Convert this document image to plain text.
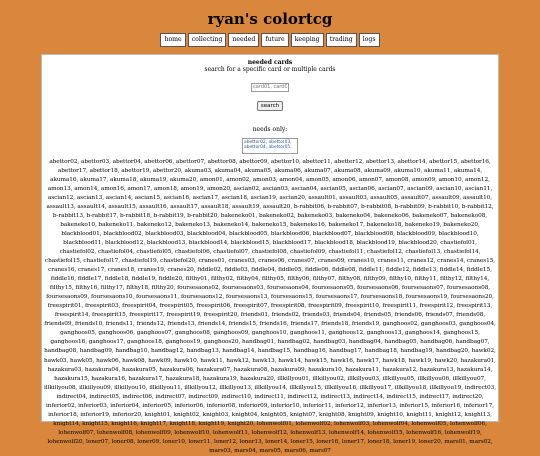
ryan's colortcg
home	collecting	needed	future	keeping	trading	logs
needed cards
search for a specific card or multiple cards
card01, card02
search
needs only:
abettor02, abettor03, abettor04, abettor05,
abettor02, abettor03, abettor04, abettor06, abettor07, abettor08, abettor09, abettor10, abettor11, abetter12, abettor13, abettor14, abettor15, abettor16, abettor17, abettor18, abettor19, abettor20, akuma03, akuma04, akuma05, akuma06, akuma07, akuma08, akuma09, akuma10, akuma11, akuma14, akuma16, akuma17, akuma18, akuma19, akuma20, amon01, amon02, amon03, amon04, amon05, amon06, amon07, amon08, amon09, amon10, amon12, amon13, amon14, amon16, amon17, amon18, amon19, amon20, ascian02, ascian03, ascian04, ascian05, ascian06, ascian07, ascian09, ascian10, ascian11, ascian12, ascian13, ascian14, ascian15, ascian16, ascian17, ascian18, ascian19, ascian20, assault01, assault03, assault05, assault07, assault09, assault10, assault13, assault14, assault15, assault16, assault17, assault18, assault19, assault20, b-rabbit06, b-rabbit07, b-rabbit08, b-rabbit09, b-rabbit10, b-rabbit12, b-rabbit13, b-rabbit17, b-rabbit18, b-rabbit19, b-rabbit20, bakeneko01, bakeneko02, bakeneko03, bakeneko04, bakeneko06, bakeneko07, bakeneko08, bakeneko10, bakeneko11, bakeneko12, bakeneko13, bakeneko14, bakeneko15, bakeneko16, bakeneko17, bakeneko18, bakeneko19, bakeneko20, blackblood01, blackblood02, blackblood03, blackblood04, blackblood05, blackblood06, blackblood07, blackblood08, blackblood09, blackblood10, blackblood11, blackblood12, blackblood13, blackblood14, blackblood15, blackblood17, blackblood18, blackblood19, blackblood20, chastiefol01, chastiefol02, chastiefol04, chastiefol05, chastiefol06, chastiefol07, chastiefol08, chastiefol09, chastiefol11, chastiefol12, chastiefol13, chastiefol14, chastiefol15, chastiefol17, chastiefol19, chastiefol20, cranes01, cranes03, cranes06, cranes07, cranes09, cranes10, cranes11, cranes12, cranes14, cranes15, cranes16, cranes17, cranes18, cranes19, cranes20, fiddle02, fiddle03, fiddle04, fiddle05, fiddle06, fiddle08, fiddle11, fiddle12, fiddle13, fiddle14, fiddle15, fiddle16, fiddle17, fiddle18, fiddle19, fiddle20, filthy01, filthy02, filthy04, filthy05, filthy06, filthy07, filthy08, filthy09, filthy10, filthy11, filthy12, filthy14, filthy15, filthy16, filthy17, filthy18, filthy20, foursesaons02, foursesaons03, foursesaons04, foursesaons05, foursesaons06, foursesaons07, foursesaons08, foursesaons09, foursesaons10, foursesaons11, foursesaons12, foursesaons13, foursesaons15, foursesaons17, foursesaons18, foursesaons19, foursesaons20, freespirit01, freespirit03, freespirit04, freespirit05, freespirit06, freespirit07, freespirit08, freespirit09, freespirit10, freespirit11, freespirit12, freespirit13, freespirit14, freespirit15, freespirit17, freespirit19, freespirit20, friends01, friends02, friends03, friends04, friends05, friends06, friends07, friends08, friends09, friends10, friends11, friends12, friends13, friends14, friends15, friends16, friends17, friends18, friends19, ganghoos02, ganghoos03, ganghoos04, ganghoos05, ganghoos06, ganghoos07, ganghoos08, ganghoos09, ganghoos10, ganghoos11, ganghoos12, ganghoos13, ganghoos14, ganghoos15, ganghoos16, ganghoos17, ganghoos18, ganghoos19, ganghoos20, handbag01, handbag02, handbag03, handbag04, handbag05, handbag06, handbag07, handbag08, handbag09, handbag10, handbag12, handbag13, handbag14, handbag15, handbag16, handbag17, handbag18, handbag19, handbag20, hawk02, hawk03, hawk05, hawk06, hawk08, hawk09, hawk10, hawk11, hawk12, hawk13, hawk14, hawk15, hawk16, hawk17, hawk18, hawk19, hawk20, hazakura01, hazakura03, hazakura04, hazakura05, hazakura06, hazakura07, hazakura08, hazakura09, hazakura10, hazakura11, hazakura12, hazakura13, hazakura14, hazakura15, hazakura16, hazakura17, hazakura18, hazakura19, hazakura20, illkillyou01, illkillyou02, illkillyou03, illkillyou05, illkillyou06, illkillyou07, illkillyou08, illkillyou09, illkillyou10, illkillyou11, illkillyou12, illkillyou13, illkillyou14, illkillyou15, illkillyou16, illkillyou17, illkillyou18, illkillyou19, indirect03, indirect04, indirect05, indirect06, indirect07, indirect09, indirect10, indirect11, indirect12, indirect13, indirect14, indirect15, indirect17, indirect20, inferior02, inferior03, inferior04, inferior05, inferior06, inferior08, inferior09, inferior10, inferior11, inferior12, inferior13, inferior15, inferior16, inferior17, inferior18, inferior19, inferior20, knight01, knight02, knight03, knight04, knight05, knight07, knight08, knight09, knight10, knight11, knight12, knight13, knight14, knight15, knight16, knight17, knight18, knight19, knight20, lohenwolf01, lohenwolf02, lohenwolf03, lohenwolf04, lohenwolf05, lohenwolf06, lohenwolf07, lohenwolf08, lohenwolf09, lohenwolf10, lohenwolf11, lohenwolf12, lohenwolf13, lohenwolf14, lohenwolf15, lohenwolf16, lohenwolf19, lohenwolf20, loner07, loner08, loner09, loner10, loner11, loner12, loner13, loner14, loner15, loner16, loner17, loner18, loner19, loner20, mars01, mars02, mars03, mars04, mars05, mars06, mars07
